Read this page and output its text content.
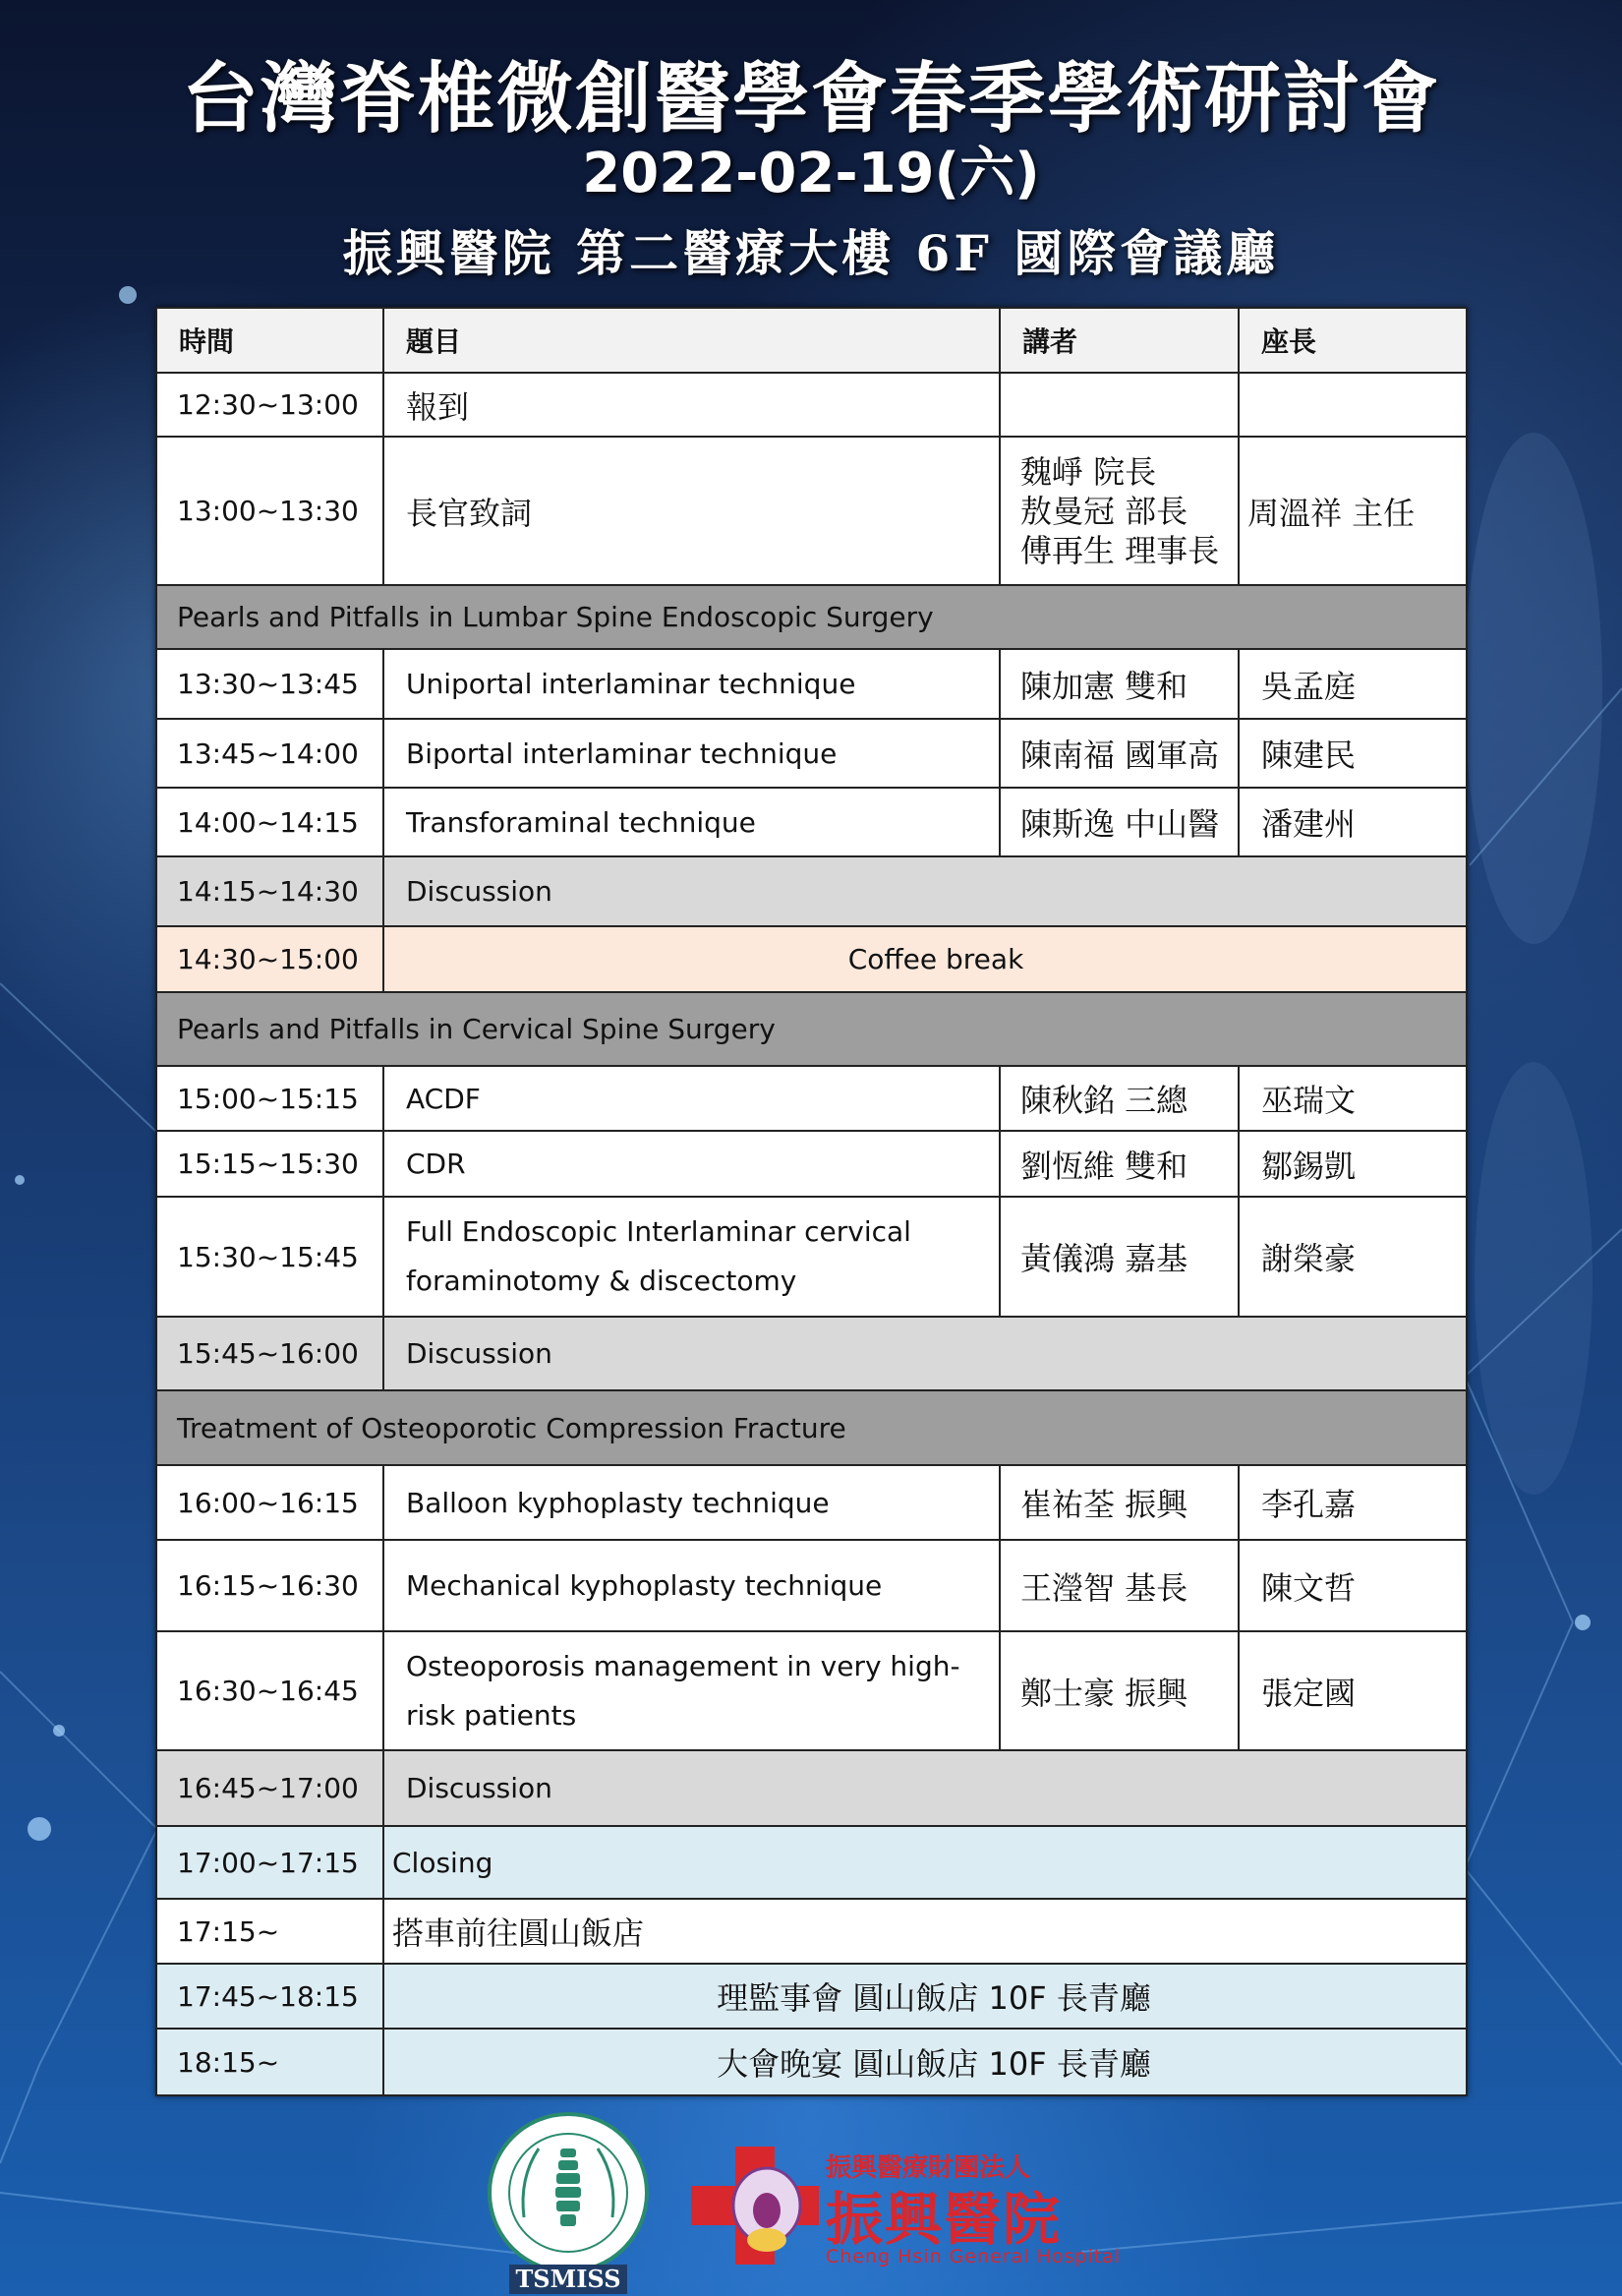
台灣脊椎微創醫學會春季學術研討會
2022-02-19(六)
振興醫院 第二醫療大樓 6F 國際會議廳
時間	題目	講者	座長
12:30~13:00	報到		
13:00~13:30	長官致詞	魏崢 院長
敖曼冠 部長
傅再生 理事長	周溫祥 主任
Pearls and Pitfalls in Lumbar Spine Endoscopic Surgery			
13:30~13:45	Uniportal interlaminar technique	陳加憲 雙和	吳孟庭
13:45~14:00	Biportal interlaminar technique	陳南福 國軍高	陳建民
14:00~14:15	Transforaminal technique	陳斯逸 中山醫	潘建州
14:15~14:30	Discussion		
14:30~15:00	Coffee break		
Pearls and Pitfalls in Cervical Spine Surgery			
15:00~15:15	ACDF	陳秋銘 三總	巫瑞文
15:15~15:30	CDR	劉恆維 雙和	鄒錫凱
15:30~15:45	Full Endoscopic Interlaminar cervical
foraminotomy & discectomy	黃儀鴻 嘉基	謝榮豪
15:45~16:00	Discussion		
Treatment of Osteoporotic Compression Fracture			
16:00~16:15	Balloon kyphoplasty technique	崔祐荃 振興	李孔嘉
16:15~16:30	Mechanical kyphoplasty technique	王瀅智 基長	陳文哲
16:30~16:45	Osteoporosis management in very high-
risk patients	鄭士豪 振興	張定國
16:45~17:00	Discussion		
17:00~17:15	Closing		
17:15~	搭車前往圓山飯店		
17:45~18:15	理監事會 圓山飯店 10F 長青廳		
18:15~	大會晚宴 圓山飯店 10F 長青廳		
TSMISS
振興醫療財團法人
振興醫院
Cheng Hsin General Hospital
